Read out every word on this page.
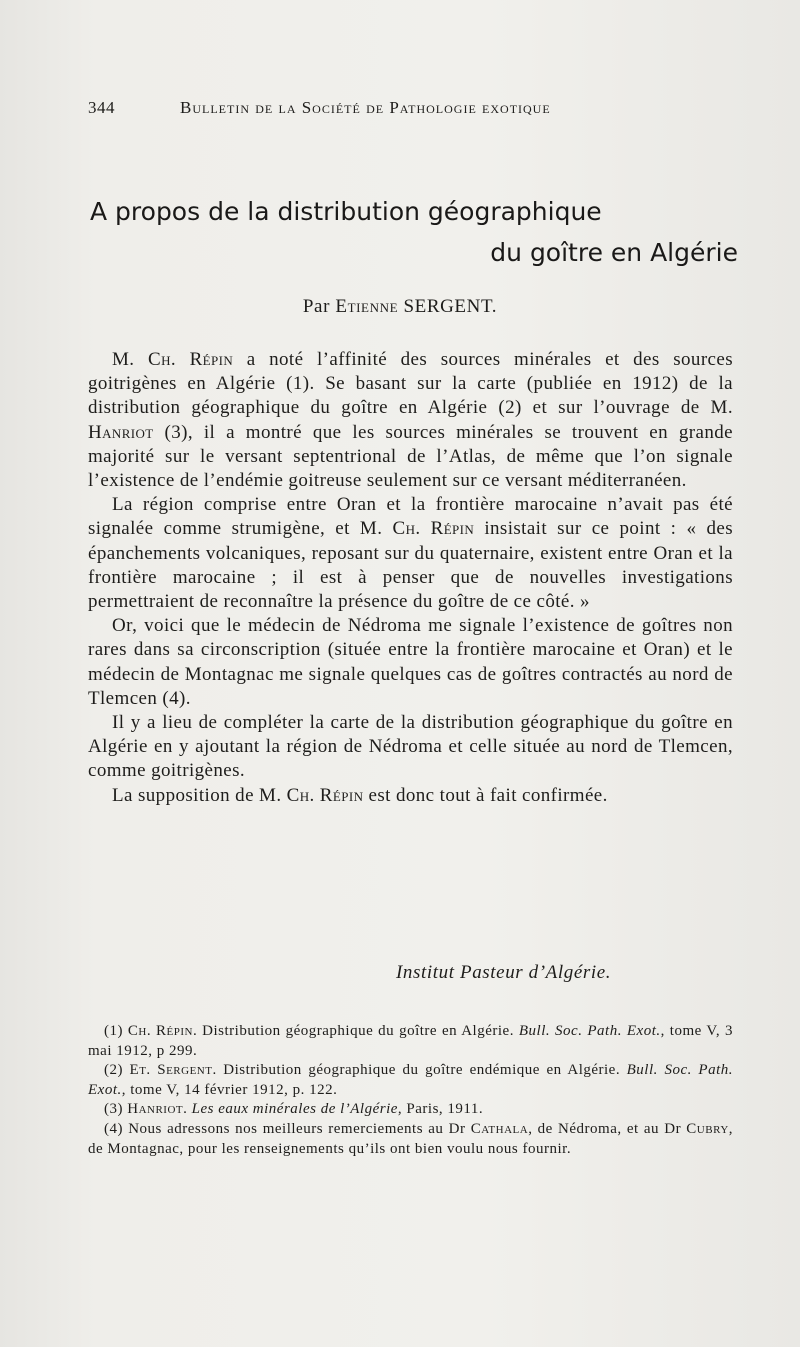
344	Bulletin de la Société de Pathologie exotique
A propos de la distribution géographique
du goître en Algérie
Par Etienne SERGENT.

M. Ch. Répin a noté l’affinité des sources minérales et des sources goitrigènes en Algérie (1). Se basant sur la carte (publiée en 1912) de la distribution géographique du goître en Algérie (2) et sur l’ouvrage de M. Hanriot (3), il a montré que les sources minérales se trouvent en grande majorité sur le versant septentrional de l’Atlas, de même que l’on signale l’existence de l’endémie goitreuse seulement sur ce versant méditerranéen.

La région comprise entre Oran et la frontière marocaine n’avait pas été signalée comme strumigène, et M. Ch. Répin insistait sur ce point : « des épanchements volcaniques, reposant sur du quaternaire, existent entre Oran et la frontière marocaine ; il est à penser que de nouvelles investigations permettraient de reconnaître la présence du goître de ce côté. »

Or, voici que le médecin de Nédroma me signale l’existence de goîtres non rares dans sa circonscription (située entre la frontière marocaine et Oran) et le médecin de Montagnac me signale quelques cas de goîtres contractés au nord de Tlemcen (4).

Il y a lieu de compléter la carte de la distribution géographique du goître en Algérie en y ajoutant la région de Nédroma et celle située au nord de Tlemcen, comme goitrigènes.

La supposition de M. Ch. Répin est donc tout à fait confirmée.

Institut Pasteur d’Algérie.

(1) Ch. Répin. Distribution géographique du goître en Algérie. Bull. Soc. Path. Exot., tome V, 3 mai 1912, p 299.

(2) Et. Sergent. Distribution géographique du goître endémique en Algérie. Bull. Soc. Path. Exot., tome V, 14 février 1912, p. 122.

(3) Hanriot. Les eaux minérales de l’Algérie, Paris, 1911.

(4) Nous adressons nos meilleurs remerciements au Dr Cathala, de Nédroma, et au Dr Cubry, de Montagnac, pour les renseignements qu’ils ont bien voulu nous fournir.
